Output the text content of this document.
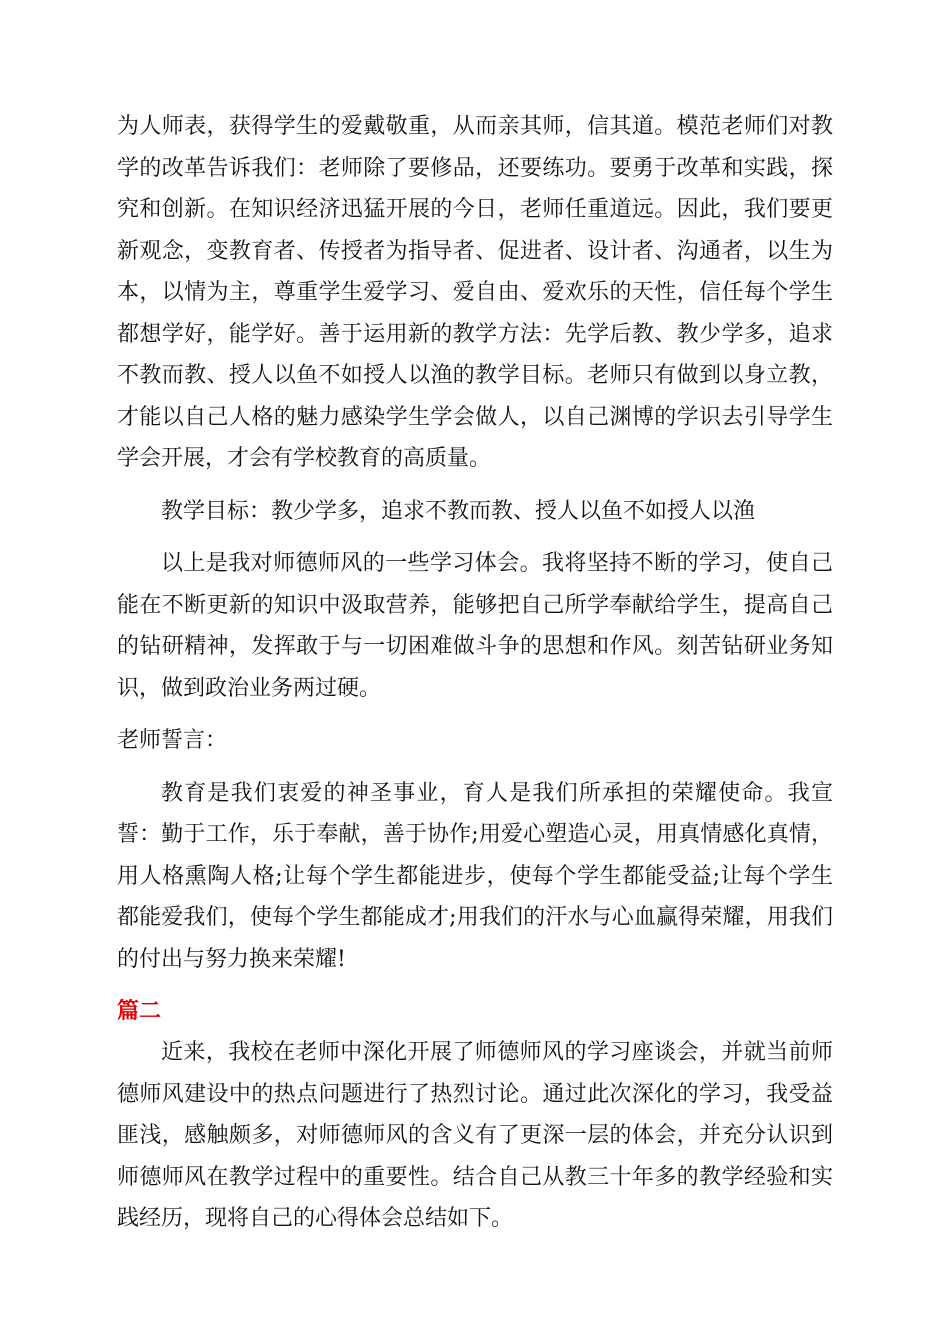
为人师表，获得学生的爱戴敬重，从而亲其师，信其道。模范老师们对教学的改革告诉我们：老师除了要修品，还要练功。要勇于改革和实践，探究和创新。在知识经济迅猛开展的今日，老师任重道远。因此，我们要更新观念，变教育者、传授者为指导者、促进者、设计者、沟通者，以生为本，以情为主，尊重学生爱学习、爱自由、爱欢乐的天性，信任每个学生都想学好，能学好。善于运用新的教学方法：先学后教、教少学多，追求不教而教、授人以鱼不如授人以渔的教学目标。老师只有做到以身立教，才能以自己人格的魅力感染学生学会做人，以自己渊博的学识去引导学生学会开展，才会有学校教育的高质量。

教学目标：教少学多，追求不教而教、授人以鱼不如授人以渔

以上是我对师德师风的一些学习体会。我将坚持不断的学习，使自己能在不断更新的知识中汲取营养，能够把自己所学奉献给学生，提高自己的钻研精神，发挥敢于与一切困难做斗争的思想和作风。刻苦钻研业务知识，做到政治业务两过硬。

老师誓言：

教育是我们衷爱的神圣事业，育人是我们所承担的荣耀使命。我宣誓：勤于工作，乐于奉献，善于协作;用爱心塑造心灵，用真情感化真情，用人格熏陶人格;让每个学生都能进步，使每个学生都能受益;让每个学生都能爱我们，使每个学生都能成才;用我们的汗水与心血赢得荣耀，用我们的付出与努力换来荣耀!

篇二

近来，我校在老师中深化开展了师德师风的学习座谈会，并就当前师德师风建设中的热点问题进行了热烈讨论。通过此次深化的学习，我受益匪浅，感触颇多，对师德师风的含义有了更深一层的体会，并充分认识到师德师风在教学过程中的重要性。结合自己从教三十年多的教学经验和实践经历，现将自己的心得体会总结如下。
